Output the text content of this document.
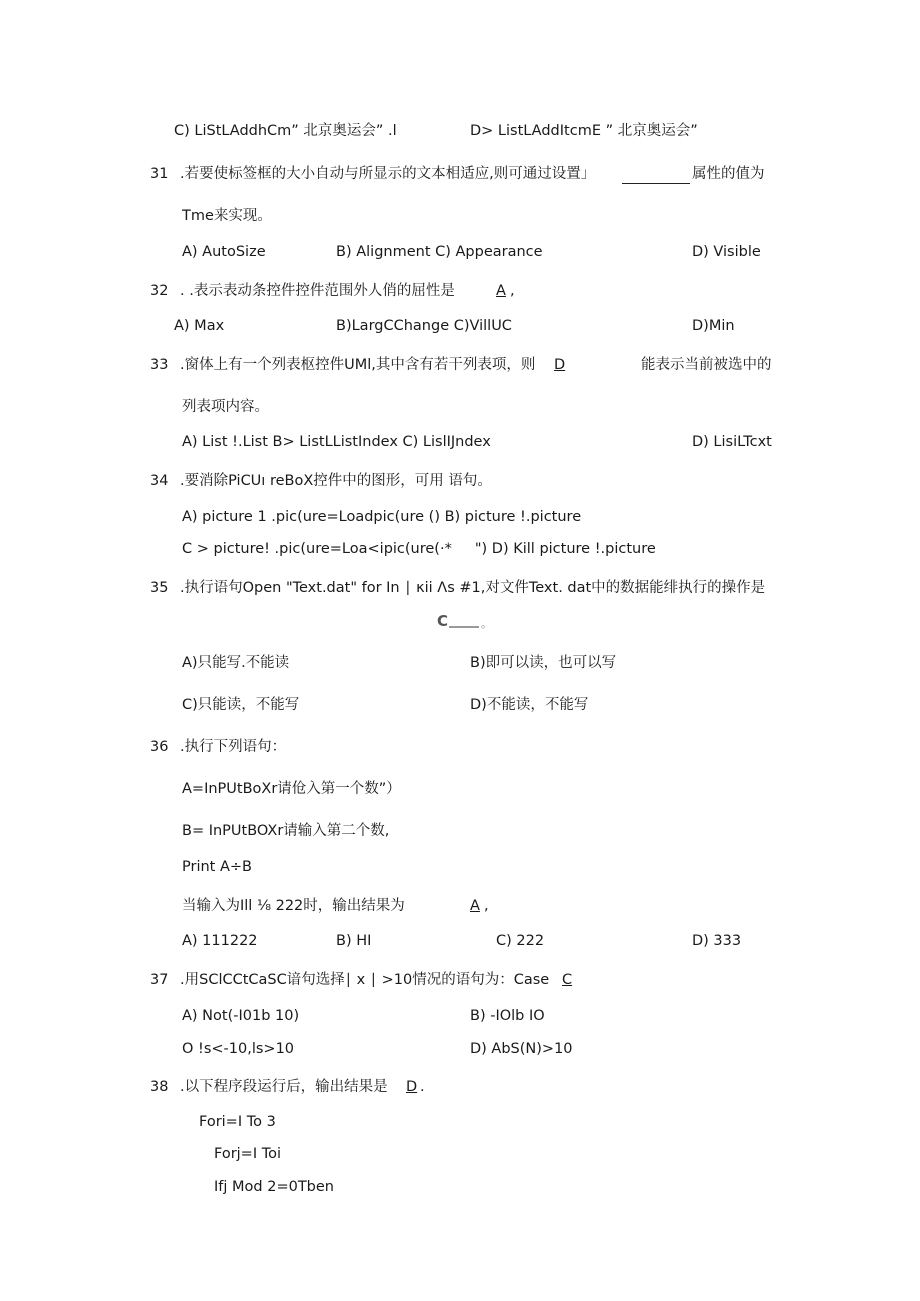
C) LiStLAddhCm” 北京奥运会” .l	D> ListLAddItcmE ” 北京奥运会”
31 .若要使标签框的大小自动与所显示的文本相适应,则可通过设置」	属性的值为
Tme来实现。
A) AutoSize	B) Alignment C) Appearance	D) Visible
32 . .表示表动条控件控件范围外人俏的屈性是	A ,
A) Max	B)LargCChange C)VillUC	D)Min
33 .窗体上有一个列表枢控件UMl,其中含有若干列表项，则 D	能表示当前被选中的
列表项内容。
A) List !.List B> ListLListIndex C) LislIJndex	D) LisiLTcxt
34 .要消除PiCUı reBoX控件中的图形，可用 语句。
A) picture 1 .pic(ure=Loadpic(ure () B) picture !.picture
C > picture! .pic(ure=Loa<ipic(ure(·*     ") D) Kill picture !.picture
35 .执行语句Open "Text.dat" for In ∣ κii Λs #1,对文件Text. dat中的数据能绯执行的操作是
C	。
A)只能写.不能读	B)即可以读，也可以写
C)只能读，不能写	D)不能读，不能写
36 .执行下列语句：
A=InPUtBoXr请伧入第一个数”）
B= InPUtBOXr请输入第二个数,
Print A÷B
当输入为Ill ⅛ 222时，输出结果为	A ,
A) 111222	B) HI	C) 222	D) 333
37 .用SClCCtCaSC谙句选择∣ x ∣ >10情况的语句为：Case C
A) Not(-I01b 10)	B) -IOlb IO
O !s<-10,ls>10	D) AbS(N)>10
38 .以下程序段运行后，输出结果是 D .
Fori=I To 3
Forj=I Toi
Ifj Mod 2=0Tben
